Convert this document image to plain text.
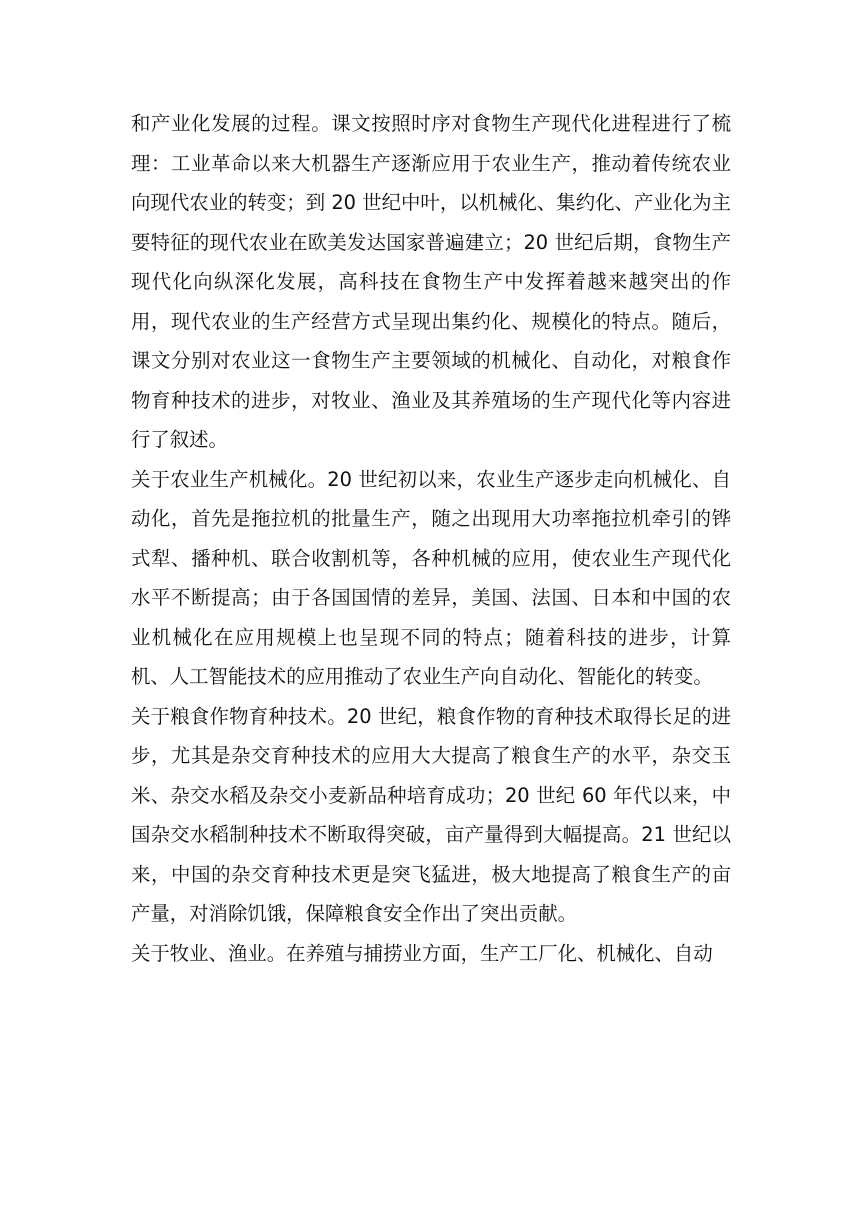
和产业化发展的过程。课文按照时序对食物生产现代化进程进行了梳理：工业革命以来大机器生产逐渐应用于农业生产，推动着传统农业向现代农业的转变；到 20 世纪中叶，以机械化、集约化、产业化为主要特征的现代农业在欧美发达国家普遍建立；20 世纪后期，食物生产现代化向纵深化发展，高科技在食物生产中发挥着越来越突出的作用，现代农业的生产经营方式呈现出集约化、规模化的特点。随后，课文分别对农业这一食物生产主要领域的机械化、自动化，对粮食作物育种技术的进步，对牧业、渔业及其养殖场的生产现代化等内容进行了叙述。

关于农业生产机械化。20 世纪初以来，农业生产逐步走向机械化、自动化，首先是拖拉机的批量生产，随之出现用大功率拖拉机牵引的铧式犁、播种机、联合收割机等，各种机械的应用，使农业生产现代化水平不断提高；由于各国国情的差异，美国、法国、日本和中国的农业机械化在应用规模上也呈现不同的特点；随着科技的进步，计算机、人工智能技术的应用推动了农业生产向自动化、智能化的转变。

关于粮食作物育种技术。20 世纪，粮食作物的育种技术取得长足的进步，尤其是杂交育种技术的应用大大提高了粮食生产的水平，杂交玉米、杂交水稻及杂交小麦新品种培育成功；20 世纪 60 年代以来，中国杂交水稻制种技术不断取得突破，亩产量得到大幅提高。21 世纪以来，中国的杂交育种技术更是突飞猛进，极大地提高了粮食生产的亩产量，对消除饥饿，保障粮食安全作出了突出贡献。

关于牧业、渔业。在养殖与捕捞业方面，生产工厂化、机械化、自动
